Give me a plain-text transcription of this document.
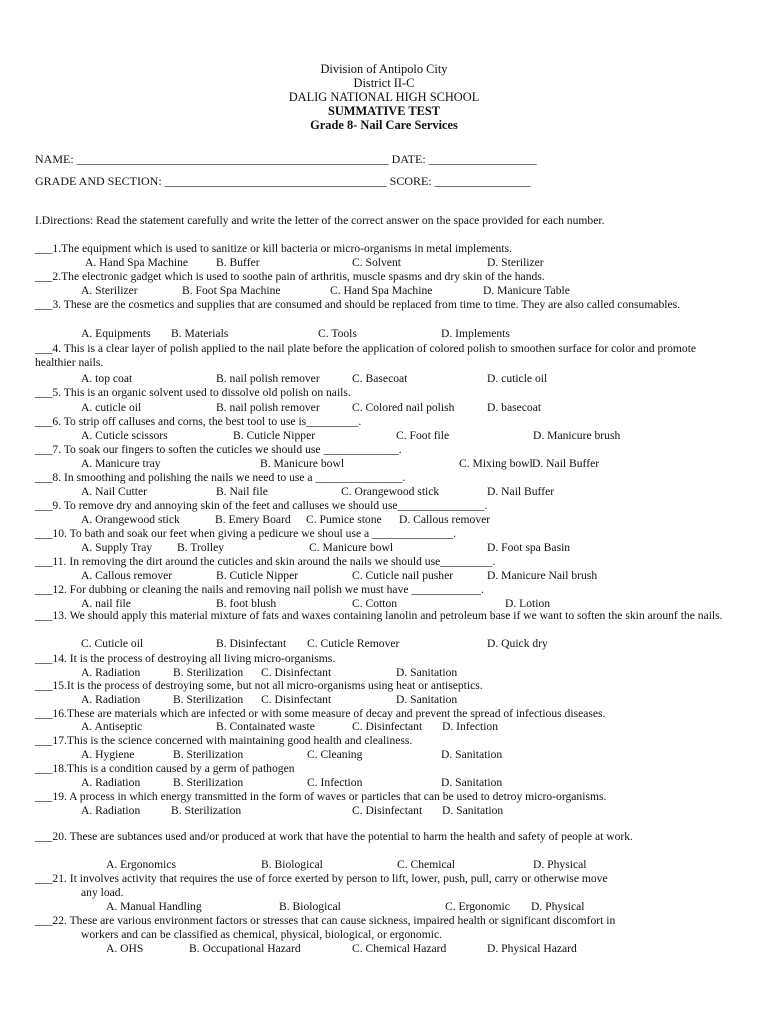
Division of Antipolo City
District II-C
DALIG NATIONAL HIGH SCHOOL
SUMMATIVE TEST
Grade 8- Nail Care Services
NAME: ____________________________________________________ DATE: __________________
GRADE AND SECTION: _____________________________________ SCORE: ________________
I.Directions: Read the statement carefully and write the letter of the correct answer on the space provided for each number.
___1.The equipment which is used to sanitize or kill bacteria or micro-organisms in metal implements.
A. Hand Spa Machine B. Buffer	C. Solvent	D. Sterilizer
___2.The electronic gadget which is used to soothe pain of arthritis, muscle spasms and dry skin of the hands.
A. Sterilizer	B. Foot Spa Machine	C. Hand Spa Machine	D. Manicure Table
___3. These are the cosmetics and supplies that are consumed and should be replaced from time to time. They are also called consumables.
A. Equipments B. Materials	C. Tools	D. Implements
___4. This is a clear layer of polish applied to the nail plate before the application of colored polish to smoothen surface for color and promote healthier nails.
A. top coat	B. nail polish remover	C. Basecoat	D. cuticle oil
___5. This is an organic solvent used to dissolve old polish on nails.
A. cuticle oil	B. nail polish remover	C. Colored nail polish	D. basecoat
___6. To strip off calluses and corns, the best tool to use is_________.
A. Cuticle scissors	B. Cuticle Nipper	C. Foot file	D. Manicure brush
___7. To soak our fingers to soften the cuticles we should use _____________.
A. Manicure tray	B. Manicure bowl	C. Mixing bowl D. Nail Buffer
___8. In smoothing and polishing the nails we need to use a _______________.
A. Nail Cutter	B. Nail file	C. Orangewood stick	D. Nail Buffer
___9. To remove dry and annoying skin of the feet and calluses we should use_______________.
A. Orangewood stick	B. Emery Board C. Pumice stone D. Callous remover
___10. To bath and soak our feet when giving a pedicure we shoul use a ______________.
A. Supply Tray B. Trolley	C. Manicure bowl	D. Foot spa Basin
___11. In removing the dirt around the cuticles and skin around the nails we should use_________.
A. Callous remover	B. Cuticle Nipper	C. Cuticle nail pusher	D. Manicure Nail brush
___12. For dubbing or cleaning the nails and removing nail polish we must have ____________.
A. nail file	B. foot blush	C. Cotton	D. Lotion
___13. We should apply this material mixture of fats and waxes containing lanolin and petroleum base if we want to soften the skin arounf the nails.
C. Cuticle oil	B. Disinfectant C. Cuticle Remover	D. Quick dry
___14. It is the process of destroying all living micro-organisms.
A. Radiation	B. Sterilization C. Disinfectant	D. Sanitation
___15.It is the process of destroying some, but not all micro-organisms using heat or antiseptics.
A. Radiation	B. Sterilization C. Disinfectant	D. Sanitation
___16.These are materials which are infected or with some measure of decay and prevent the spread of infectious diseases.
A. Antiseptic	B. Containated waste	C. Disinfectant D. Infection
___17.This is the science concerned with maintaining good health and clealiness.
A. Hygiene	B. Sterilization	C. Cleaning	D. Sanitation
___18.This is a condition caused by a germ of pathogen
A. Radiation	B. Sterilization	C. Infection	D. Sanitation
___19. A process in which energy transmitted in the form of waves or particles that can be used to detroy micro-organisms.
A. Radiation	B. Sterilization	C. Disinfectant D. Sanitation
___20. These are subtances used and/or produced at work that have the potential to harm the health and safety of people at work.
A. Ergonomics	B. Biological	C. Chemical	D. Physical
___21. It involves activity that requires the use of force exerted by person to lift, lower, push, pull, carry or otherwise move
any load.
A. Manual Handling	B. Biological	C. Ergonomic D. Physical
___22. These are various environment factors or stresses that can cause sickness, impaired health or significant discomfort in
workers and can be classified as chemical, physical, biological, or ergonomic.
A. OHS	B. Occupational Hazard	C. Chemical Hazard	D. Physical Hazard
